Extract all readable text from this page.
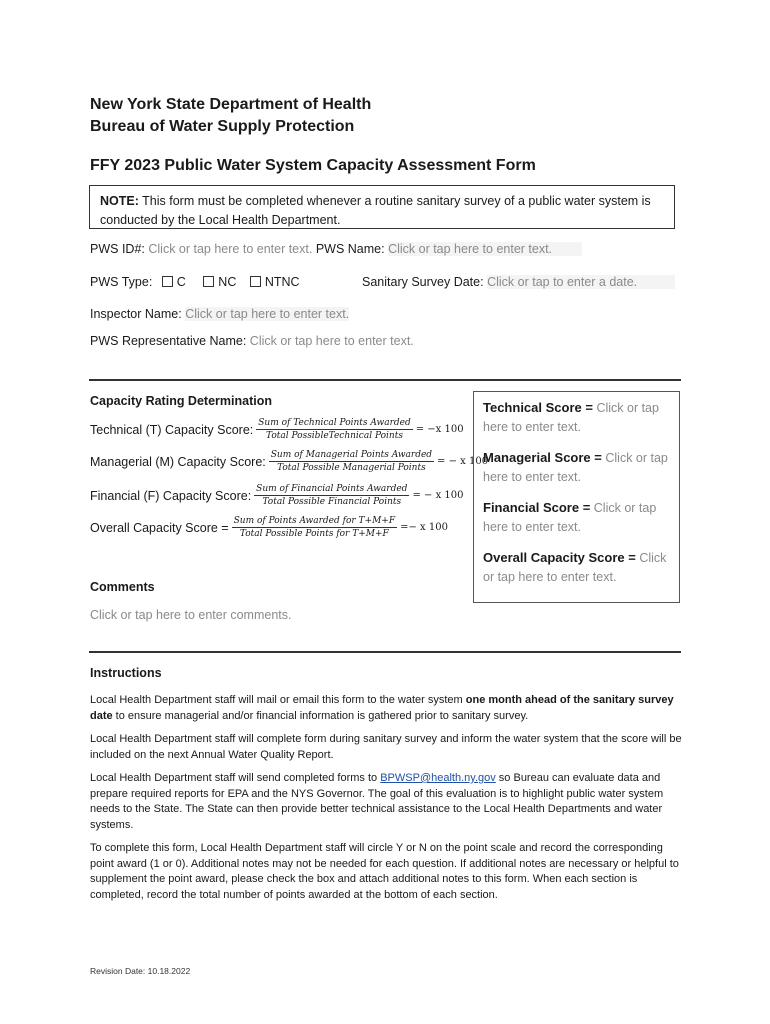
New York State Department of Health
Bureau of Water Supply Protection
FFY 2023 Public Water System Capacity Assessment Form
NOTE: This form must be completed whenever a routine sanitary survey of a public water system is conducted by the Local Health Department.
PWS ID#: Click or tap here to enter text. PWS Name: Click or tap here to enter text.
PWS Type: C	NC NTNC	Sanitary Survey Date: Click or tap to enter a date.
Inspector Name: Click or tap here to enter text.
PWS Representative Name: Click or tap here to enter text.
Capacity Rating Determination
Technical (T) Capacity Score: $\frac{\text{Sum of Technical Points Awarded}}{\text{Total PossibleTechnical Points}} = -x$ 100
Managerial (M) Capacity Score: $\frac{\text{Sum of Managerial Points Awarded}}{\text{Total Possible Managerial Points}}$ = − x 100
Financial (F) Capacity Score: $\frac{\text{Sum of Financial Points Awarded}}{\text{Total Possible Financial Points}}$ = − x 100
Overall Capacity Score = $\frac{\text{Sum of Points Awarded for T+M+F}}{\text{Total Possible Points for T+M+F}} =- x$ 100
Technical Score = Click or tap here to enter text.
Managerial Score = Click or tap here to enter text.
Financial Score = Click or tap here to enter text.
Overall Capacity Score = Click or tap here to enter text.
Comments
Click or tap here to enter comments.
Instructions

Local Health Department staff will mail or email this form to the water system one month ahead of the sanitary survey date to ensure managerial and/or financial information is gathered prior to sanitary survey.

Local Health Department staff will complete form during sanitary survey and inform the water system that the score will be included on the next Annual Water Quality Report.

Local Health Department staff will send completed forms to BPWSP@health.ny.gov so Bureau can evaluate data and prepare required reports for EPA and the NYS Governor. The goal of this evaluation is to highlight public water system needs to the State. The State can then provide better technical assistance to the Local Health Departments and water systems.

To complete this form, Local Health Department staff will circle Y or N on the point scale and record the corresponding point award (1 or 0). Additional notes may not be needed for each question. If additional notes are necessary or helpful to supplement the point award, please check the box and attach additional notes to this form. When each section is completed, record the total number of points awarded at the bottom of each section.

Revision Date: 10.18.2022
